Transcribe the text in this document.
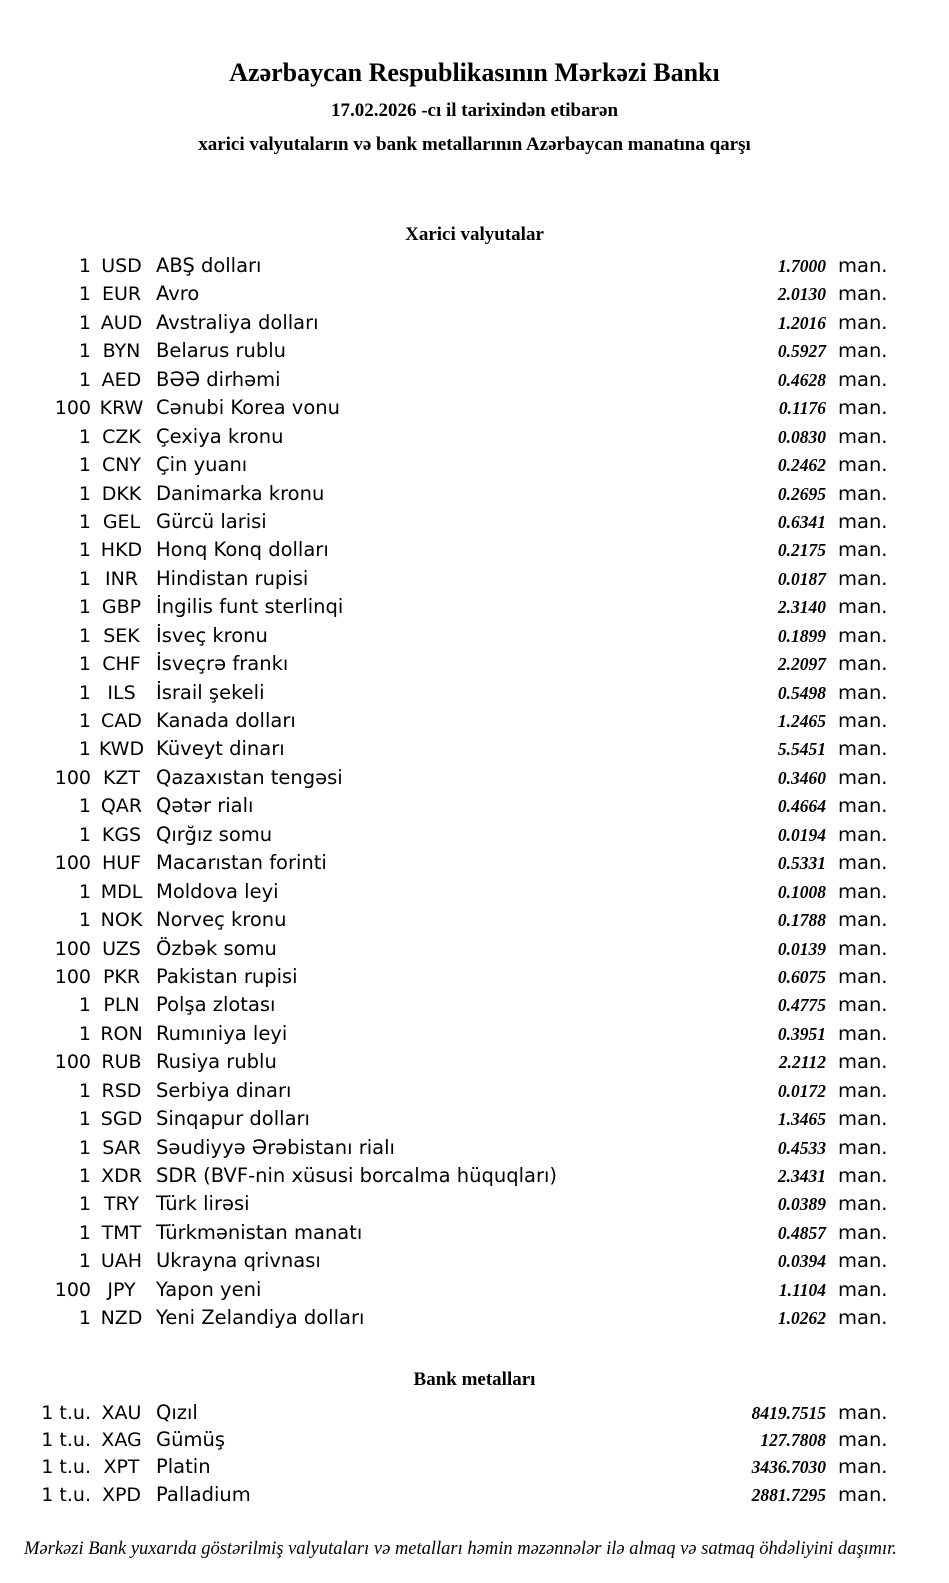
Azərbaycan Respublikasının Mərkəzi Bankı
17.02.2026 -cı il tarixindən etibarən
xarici valyutaların və bank metallarının Azərbaycan manatına qarşı
Xarici valyutalar
1 USD ABŞ dolları	1.7000 man.
1 EUR Avro	2.0130 man.
1 AUD Avstraliya dolları	1.2016 man.
1 BYN Belarus rublu	0.5927 man.
1 AED BƏƏ dirhəmi	0.4628 man.
100 KRW Cənubi Korea vonu	0.1176 man.
1 CZK Çexiya kronu	0.0830 man.
1 CNY Çin yuanı	0.2462 man.
1 DKK Danimarka kronu	0.2695 man.
1 GEL Gürcü larisi	0.6341 man.
1 HKD Honq Konq dolları	0.2175 man.
1 INR Hindistan rupisi	0.0187 man.
1 GBP İngilis funt sterlinqi	2.3140 man.
1 SEK İsveç kronu	0.1899 man.
1 CHF İsveçrə frankı	2.2097 man.
1 ILS	İsrail şekeli	0.5498 man.
1 CAD Kanada dolları	1.2465 man.
1 KWD Küveyt dinarı	5.5451 man.
100 KZT Qazaxıstan tengəsi	0.3460 man.
1 QAR Qətər rialı	0.4664 man.
1 KGS Qırğız somu	0.0194 man.
100 HUF Macarıstan forinti	0.5331 man.
1 MDL Moldova leyi	0.1008 man.
1 NOK Norveç kronu	0.1788 man.
100 UZS Özbək somu	0.0139 man.
100 PKR Pakistan rupisi	0.6075 man.
1 PLN Polşa zlotası	0.4775 man.
1 RON Rumıniya leyi	0.3951 man.
100 RUB Rusiya rublu	2.2112 man.
1 RSD Serbiya dinarı	0.0172 man.
1 SGD Sinqapur dolları	1.3465 man.
1 SAR Səudiyyə Ərəbistanı rialı	0.4533 man.
1 XDR SDR (BVF-nin xüsusi borcalma hüquqları)	2.3431 man.
1 TRY Türk lirəsi	0.0389 man.
1 TMT Türkmənistan manatı	0.4857 man.
1 UAH Ukrayna qrivnası	0.0394 man.
100 JPY	Yapon yeni	1.1104 man.
1 NZD Yeni Zelandiya dolları	1.0262 man.
Bank metalları
1 t.u. XAU Qızıl	8419.7515 man.
1 t.u. XAG Gümüş	127.7808 man.
1 t.u. XPT Platin	3436.7030 man.
1 t.u. XPD Palladium	2881.7295 man.
Mərkəzi Bank yuxarıda göstərilmiş valyutaları və metalları həmin məzənnələr ilə almaq və satmaq öhdəliyini daşımır.
